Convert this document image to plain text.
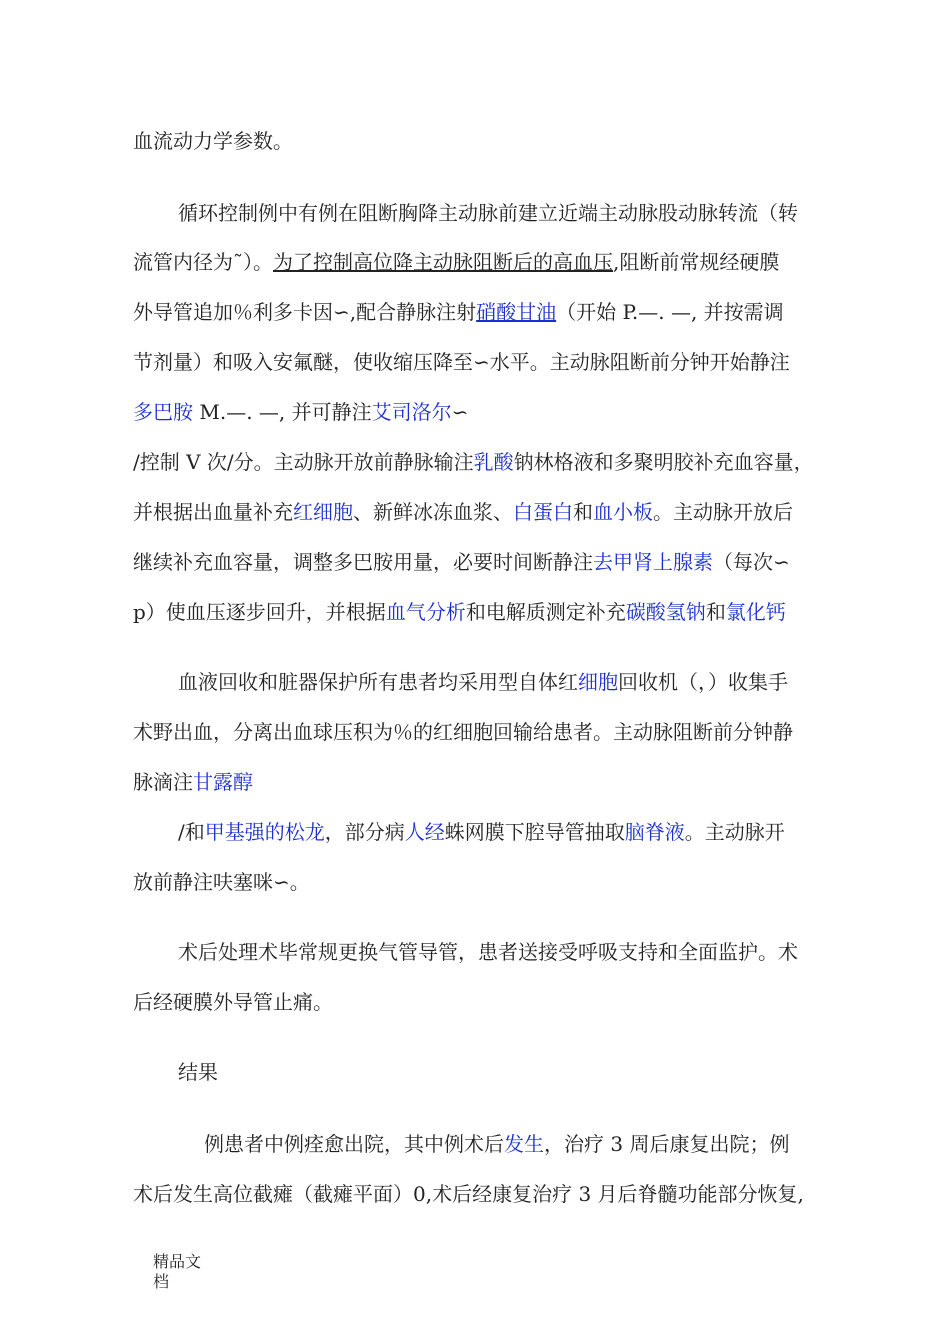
血流动力学参数。
循环控制例中有例在阻断胸降主动脉前建立近端主动脉股动脉转流（转
流管内径为˜）。为了控制高位降主动脉阻断后的高血压,阻断前常规经硬膜
外导管追加％利多卡因∽,配合静脉注射硝酸甘油（开始 P.—. —, 并按需调
节剂量）和吸入安氟醚，使收缩压降至∽水平。主动脉阻断前分钟开始静注
多巴胺 M.—. —, 并可静注艾司洛尔∽
/控制 V 次/分。主动脉开放前静脉输注乳酸钠林格液和多聚明胶补充血容量，
并根据出血量补充红细胞、新鲜冰冻血浆、白蛋白和血小板。主动脉开放后
继续补充血容量，调整多巴胺用量，必要时间断静注去甲肾上腺素（每次∽
p）使血压逐步回升，并根据血气分析和电解质测定补充碳酸氢钠和氯化钙
血液回收和脏器保护所有患者均采用型自体红细胞回收机（，）收集手
术野出血，分离出血球压积为％的红细胞回输给患者。主动脉阻断前分钟静
脉滴注甘露醇
/和甲基强的松龙，部分病人经蛛网膜下腔导管抽取脑脊液。主动脉开
放前静注呋塞咪∽。
术后处理术毕常规更换气管导管，患者送接受呼吸支持和全面监护。术
后经硬膜外导管止痛。
结果
例患者中例痊愈出院，其中例术后发生，治疗 3 周后康复出院；例
术后发生高位截瘫（截瘫平面）0,术后经康复治疗 3 月后脊髓功能部分恢复,
精品文
档
